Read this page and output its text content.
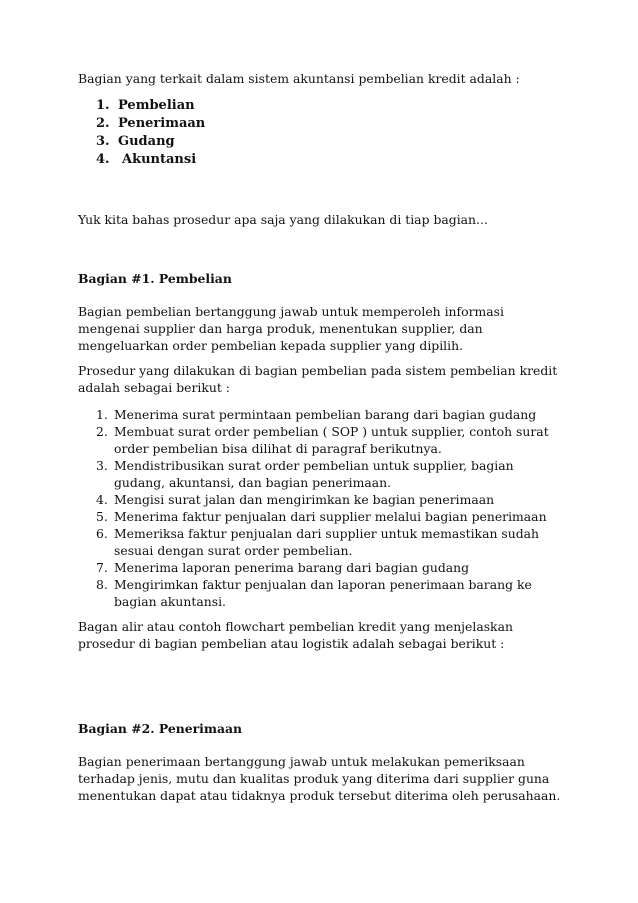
Bagian yang terkait dalam sistem akuntansi pembelian kredit adalah :

1. Pembelian
2. Penerimaan
3. Gudang
4. Akuntansi

Yuk kita bahas prosedur apa saja yang dilakukan di tiap bagian...

Bagian #1. Pembelian

Bagian pembelian bertanggung jawab untuk memperoleh informasi mengenai supplier dan harga produk, menentukan supplier, dan mengeluarkan order pembelian kepada supplier yang dipilih.

Prosedur yang dilakukan di bagian pembelian pada sistem pembelian kredit adalah sebagai berikut :

1. Menerima surat permintaan pembelian barang dari bagian gudang
2. Membuat surat order pembelian ( SOP ) untuk supplier, contoh surat order pembelian bisa dilihat di paragraf berikutnya.
3. Mendistribusikan surat order pembelian untuk supplier, bagian gudang, akuntansi, dan bagian penerimaan.
4. Mengisi surat jalan dan mengirimkan ke bagian penerimaan
5. Menerima faktur penjualan dari supplier melalui bagian penerimaan
6. Memeriksa faktur penjualan dari supplier untuk memastikan sudah sesuai dengan surat order pembelian.
7. Menerima laporan penerima barang dari bagian gudang
8. Mengirimkan faktur penjualan dan laporan penerimaan barang ke bagian akuntansi.

Bagan alir atau contoh flowchart pembelian kredit yang menjelaskan prosedur di bagian pembelian atau logistik adalah sebagai berikut :

Bagian #2. Penerimaan

Bagian penerimaan bertanggung jawab untuk melakukan pemeriksaan terhadap jenis, mutu dan kualitas produk yang diterima dari supplier guna menentukan dapat atau tidaknya produk tersebut diterima oleh perusahaan.
